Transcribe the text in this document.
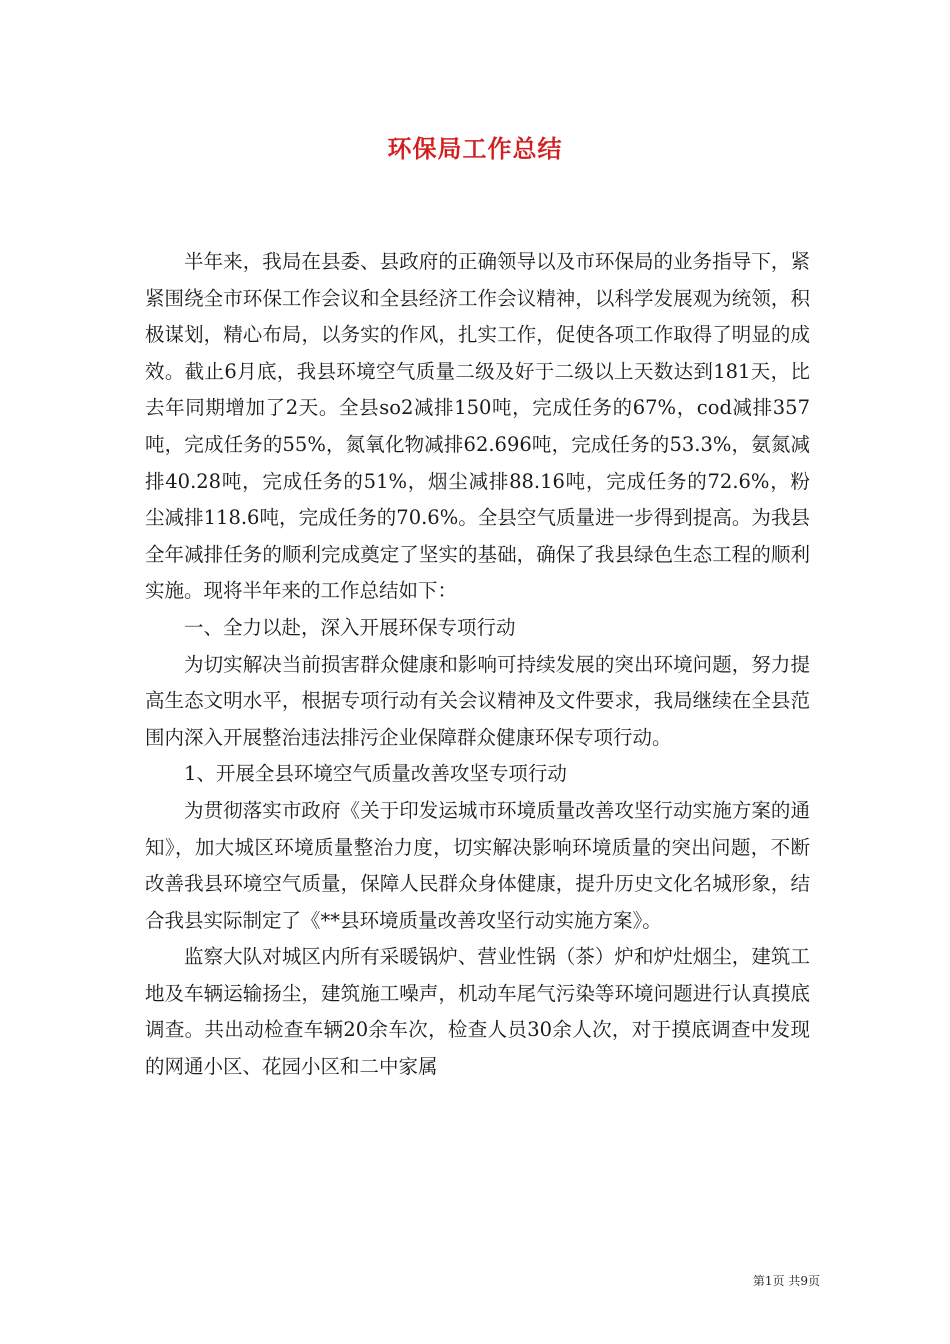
环保局工作总结

半年来，我局在县委、县政府的正确领导以及市环保局的业务指导下，紧紧围绕全市环保工作会议和全县经济工作会议精神，以科学发展观为统领，积极谋划，精心布局，以务实的作风，扎实工作，促使各项工作取得了明显的成效。截止6月底，我县环境空气质量二级及好于二级以上天数达到181天，比去年同期增加了2天。全县so2减排150吨，完成任务的67%，cod减排357吨，完成任务的55%，氮氧化物减排62.696吨，完成任务的53.3%，氨氮减排40.28吨，完成任务的51%，烟尘减排88.16吨，完成任务的72.6%，粉尘减排118.6吨，完成任务的70.6%。全县空气质量进一步得到提高。为我县全年减排任务的顺利完成奠定了坚实的基础，确保了我县绿色生态工程的顺利实施。现将半年来的工作总结如下：

一、全力以赴，深入开展环保专项行动

为切实解决当前损害群众健康和影响可持续发展的突出环境问题，努力提高生态文明水平，根据专项行动有关会议精神及文件要求，我局继续在全县范围内深入开展整治违法排污企业保障群众健康环保专项行动。

1、开展全县环境空气质量改善攻坚专项行动

为贯彻落实市政府《关于印发运城市环境质量改善攻坚行动实施方案的通知》，加大城区环境质量整治力度，切实解决影响环境质量的突出问题，不断改善我县环境空气质量，保障人民群众身体健康，提升历史文化名城形象，结合我县实际制定了《**县环境质量改善攻坚行动实施方案》。

监察大队对城区内所有采暖锅炉、营业性锅（茶）炉和炉灶烟尘，建筑工地及车辆运输扬尘，建筑施工噪声，机动车尾气污染等环境问题进行认真摸底调查。共出动检查车辆20余车次，检查人员30余人次，对于摸底调查中发现的网通小区、花园小区和二中家属

第1页 共9页
